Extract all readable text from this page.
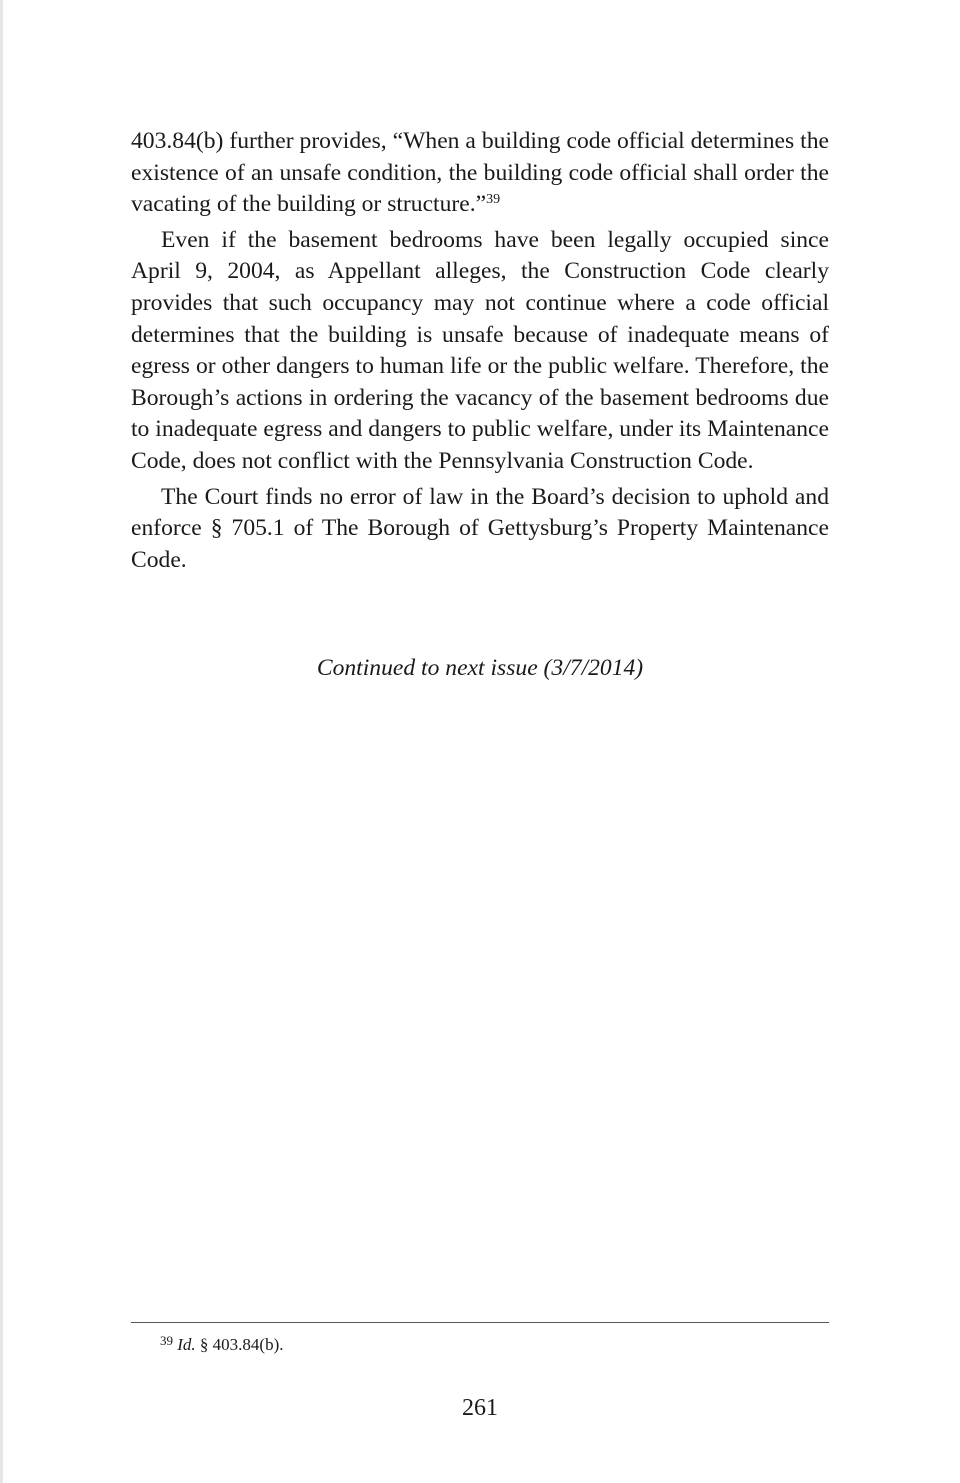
403.84(b) further provides, “When a building code official determines the existence of an unsafe condition, the building code official shall order the vacating of the building or structure.”$^{39}$

Even if the basement bedrooms have been legally occupied since April 9, 2004, as Appellant alleges, the Construction Code clearly provides that such occupancy may not continue where a code official determines that the building is unsafe because of inadequate means of egress or other dangers to human life or the public welfare. Therefore, the Borough’s actions in ordering the vacancy of the basement bedrooms due to inadequate egress and dangers to public welfare, under its Maintenance Code, does not conflict with the Pennsylvania Construction Code.

The Court finds no error of law in the Board’s decision to uphold and enforce § 705.1 of The Borough of Gettysburg’s Property Maintenance Code.

Continued to next issue (3/7/2014)
$^{39}$ Id. § 403.84(b).
261
